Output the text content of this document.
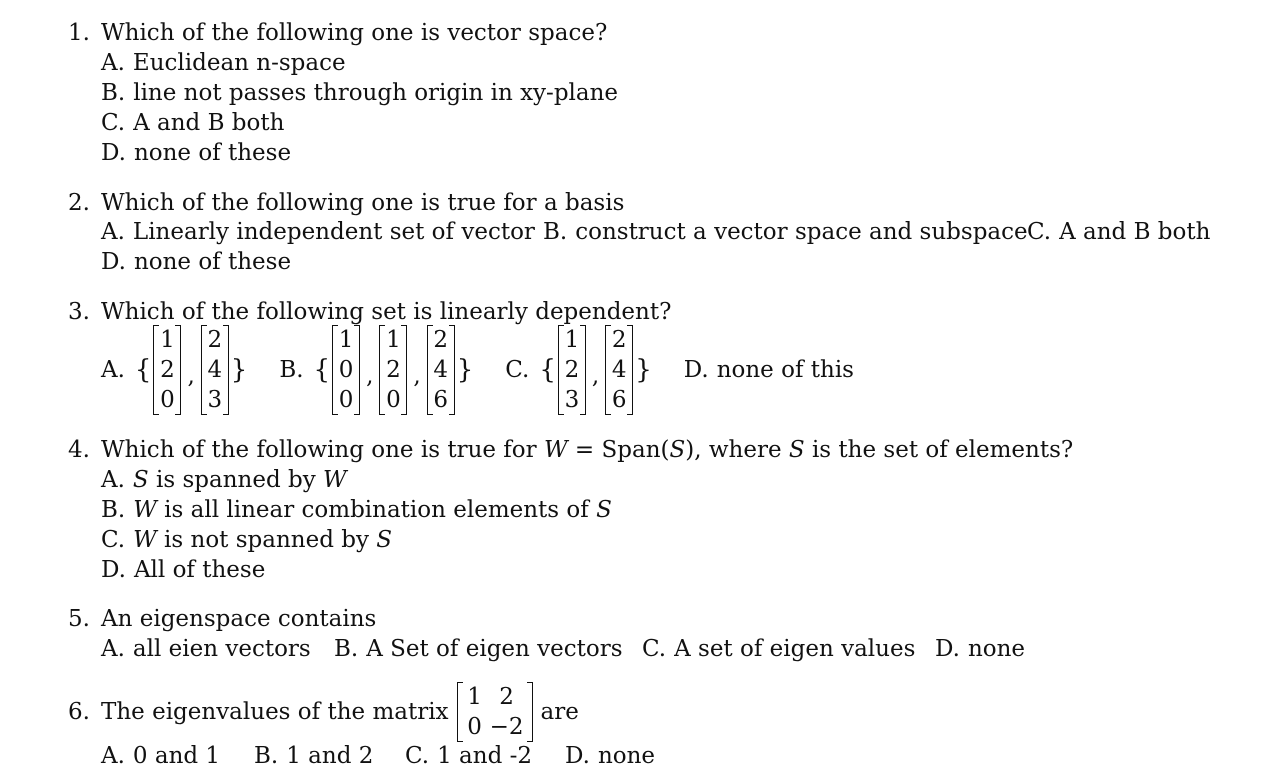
1. Which of the following one is vector space?
A. Euclidean n-space
B. line not passes through origin in xy-plane
C. A and B both
D. none of these
2. Which of the following one is true for a basis
A. Linearly independent set of vector B. construct a vector space and subspace C. A and B both
D. none of these
3. Which of the following set is linearly dependent?
A. {
1
2
0
,
2
4
3
} B. {
1
0
0
,
1
2
0
,
2
4
6
} C. {
1
2
3
,
2
4
6
} D. none of this
4. Which of the following one is true for W = Span(S), where S is the set of elements?
A. S is spanned by W
B. W is all linear combination elements of S
C. W is not spanned by S
D. All of these
5. An eigenspace contains
A. all eien vectors B. A Set of eigen vectors C. A set of eigen values D. none
6. The eigenvalues of the matrix
1 2
0 −2
are
A. 0 and 1 B. 1 and 2 C. 1 and -2 D. none
